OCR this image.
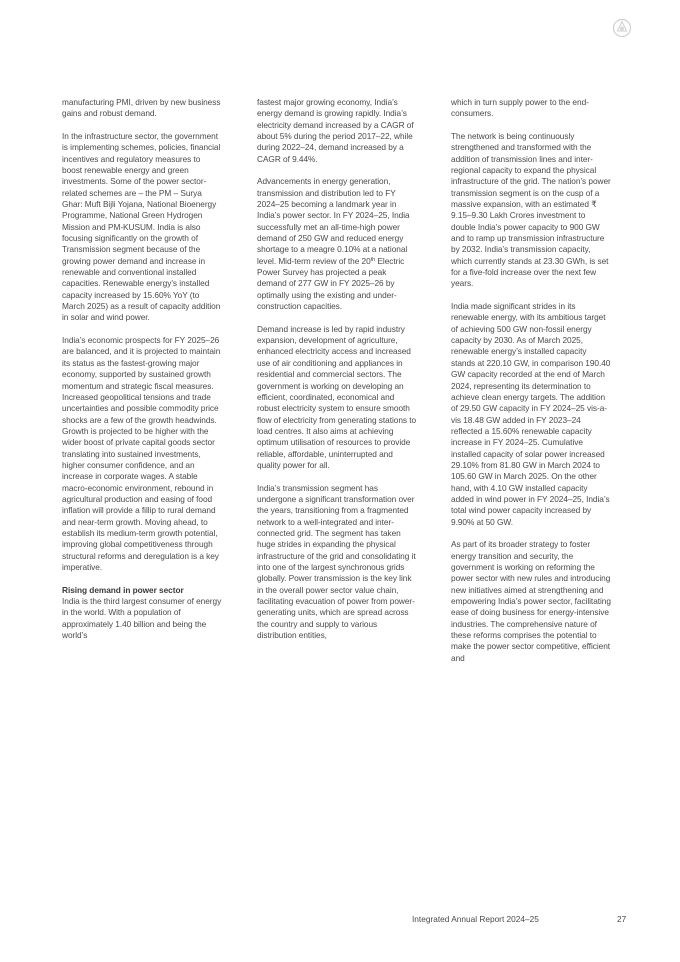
manufacturing PMI, driven by new business gains and robust demand.

In the infrastructure sector, the government is implementing schemes, policies, financial incentives and regulatory measures to boost renewable energy and green investments. Some of the power sector-related schemes are – the PM – Surya Ghar: Muft Bijli Yojana, National Bioenergy Programme, National Green Hydrogen Mission and PM-KUSUM. India is also focusing significantly on the growth of Transmission segment because of the growing power demand and increase in renewable and conventional installed capacities. Renewable energy’s installed capacity increased by 15.60% YoY (to March 2025) as a result of capacity addition in solar and wind power.

India’s economic prospects for FY 2025–26 are balanced, and it is projected to maintain its status as the fastest-growing major economy, supported by sustained growth momentum and strategic fiscal measures. Increased geopolitical tensions and trade uncertainties and possible commodity price shocks are a few of the growth headwinds. Growth is projected to be higher with the wider boost of private capital goods sector translating into sustained investments, higher consumer confidence, and an increase in corporate wages. A stable macro-economic environment, rebound in agricultural production and easing of food inflation will provide a fillip to rural demand and near-term growth. Moving ahead, to establish its medium-term growth potential, improving global competitiveness through structural reforms and deregulation is a key imperative.

Rising demand in power sector

India is the third largest consumer of energy in the world. With a population of approximately 1.40 billion and being the world’s

fastest major growing economy, India’s energy demand is growing rapidly. India’s electricity demand increased by a CAGR of about 5% during the period 2017–22, while during 2022–24, demand increased by a CAGR of 9.44%.

Advancements in energy generation, transmission and distribution led to FY 2024–25 becoming a landmark year in India’s power sector. In FY 2024–25, India successfully met an all-time-high power demand of 250 GW and reduced energy shortage to a meagre 0.10% at a national level. Mid-term review of the 20th Electric Power Survey has projected a peak demand of 277 GW in FY 2025–26 by optimally using the existing and under-construction capacities.

Demand increase is led by rapid industry expansion, development of agriculture, enhanced electricity access and increased use of air conditioning and appliances in residential and commercial sectors. The government is working on developing an efficient, coordinated, economical and robust electricity system to ensure smooth flow of electricity from generating stations to load centres. It also aims at achieving optimum utilisation of resources to provide reliable, affordable, uninterrupted and quality power for all.

India’s transmission segment has undergone a significant transformation over the years, transitioning from a fragmented network to a well-integrated and inter-connected grid. The segment has taken huge strides in expanding the physical infrastructure of the grid and consolidating it into one of the largest synchronous grids globally. Power transmission is the key link in the overall power sector value chain, facilitating evacuation of power from power-generating units, which are spread across the country and supply to various distribution entities,

which in turn supply power to the end-consumers.

The network is being continuously strengthened and transformed with the addition of transmission lines and inter-regional capacity to expand the physical infrastructure of the grid. The nation’s power transmission segment is on the cusp of a massive expansion, with an estimated ₹ 9.15–9.30 Lakh Crores investment to double India’s power capacity to 900 GW and to ramp up transmission infrastructure by 2032. India’s transmission capacity, which currently stands at 23.30 GWh, is set for a five-fold increase over the next few years.

India made significant strides in its renewable energy, with its ambitious target of achieving 500 GW non-fossil energy capacity by 2030. As of March 2025, renewable energy’s installed capacity stands at 220.10 GW, in comparison 190.40 GW capacity recorded at the end of March 2024, representing its determination to achieve clean energy targets. The addition of 29.50 GW capacity in FY 2024–25 vis-a-vis 18.48 GW added in FY 2023–24 reflected a 15.60% renewable capacity increase in FY 2024–25. Cumulative installed capacity of solar power increased 29.10% from 81.80 GW in March 2024 to 105.60 GW in March 2025. On the other hand, with 4.10 GW installed capacity added in wind power in FY 2024–25, India’s total wind power capacity increased by 9.90% at 50 GW.

As part of its broader strategy to foster energy transition and security, the government is working on reforming the power sector with new rules and introducing new initiatives aimed at strengthening and empowering India’s power sector, facilitating ease of doing business for energy-intensive industries. The comprehensive nature of these reforms comprises the potential to make the power sector competitive, efficient and

Integrated Annual Report 2024–25	27
